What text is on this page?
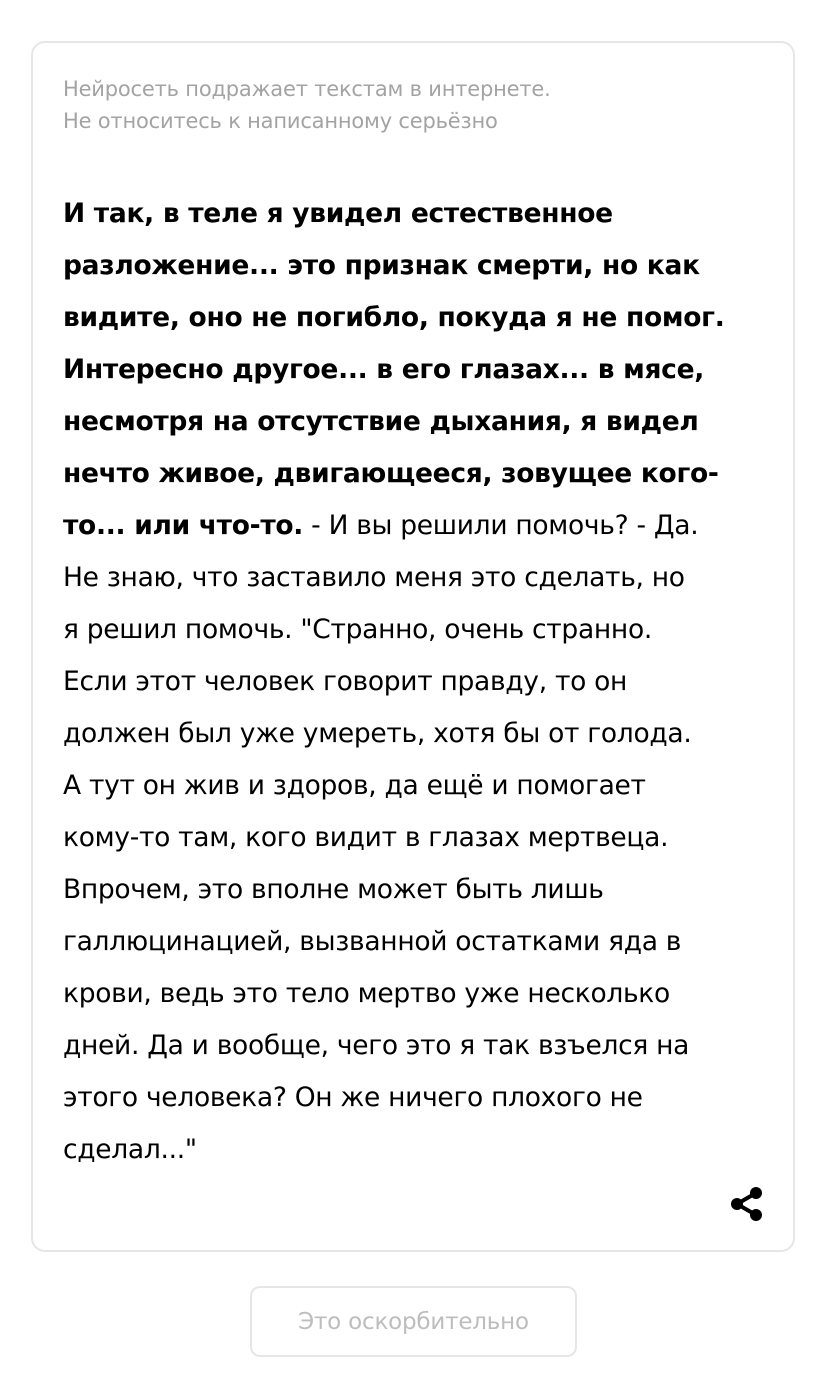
Нейросеть подражает текстам в интернете.
Не относитесь к написанному серьёзно

И так, в теле я увидел естественное
разложение... это признак смерти, но как
видите, оно не погибло, покуда я не помог.
Интересно другое... в его глазах... в мясе,
несмотря на отсутствие дыхания, я видел
нечто живое, двигающееся, зовущее кого-
то... или что-то. - И вы решили помочь? - Да.
Не знаю, что заставило меня это сделать, но
я решил помочь. "Странно, очень странно.
Если этот человек говорит правду, то он
должен был уже умереть, хотя бы от голода.
А тут он жив и здоров, да ещё и помогает
кому-то там, кого видит в глазах мертвеца.
Впрочем, это вполне может быть лишь
галлюцинацией, вызванной остатками яда в
крови, ведь это тело мертво уже несколько
дней. Да и вообще, чего это я так взъелся на
этого человека? Он же ничего плохого не
сделал..."

Это оскорбительно
